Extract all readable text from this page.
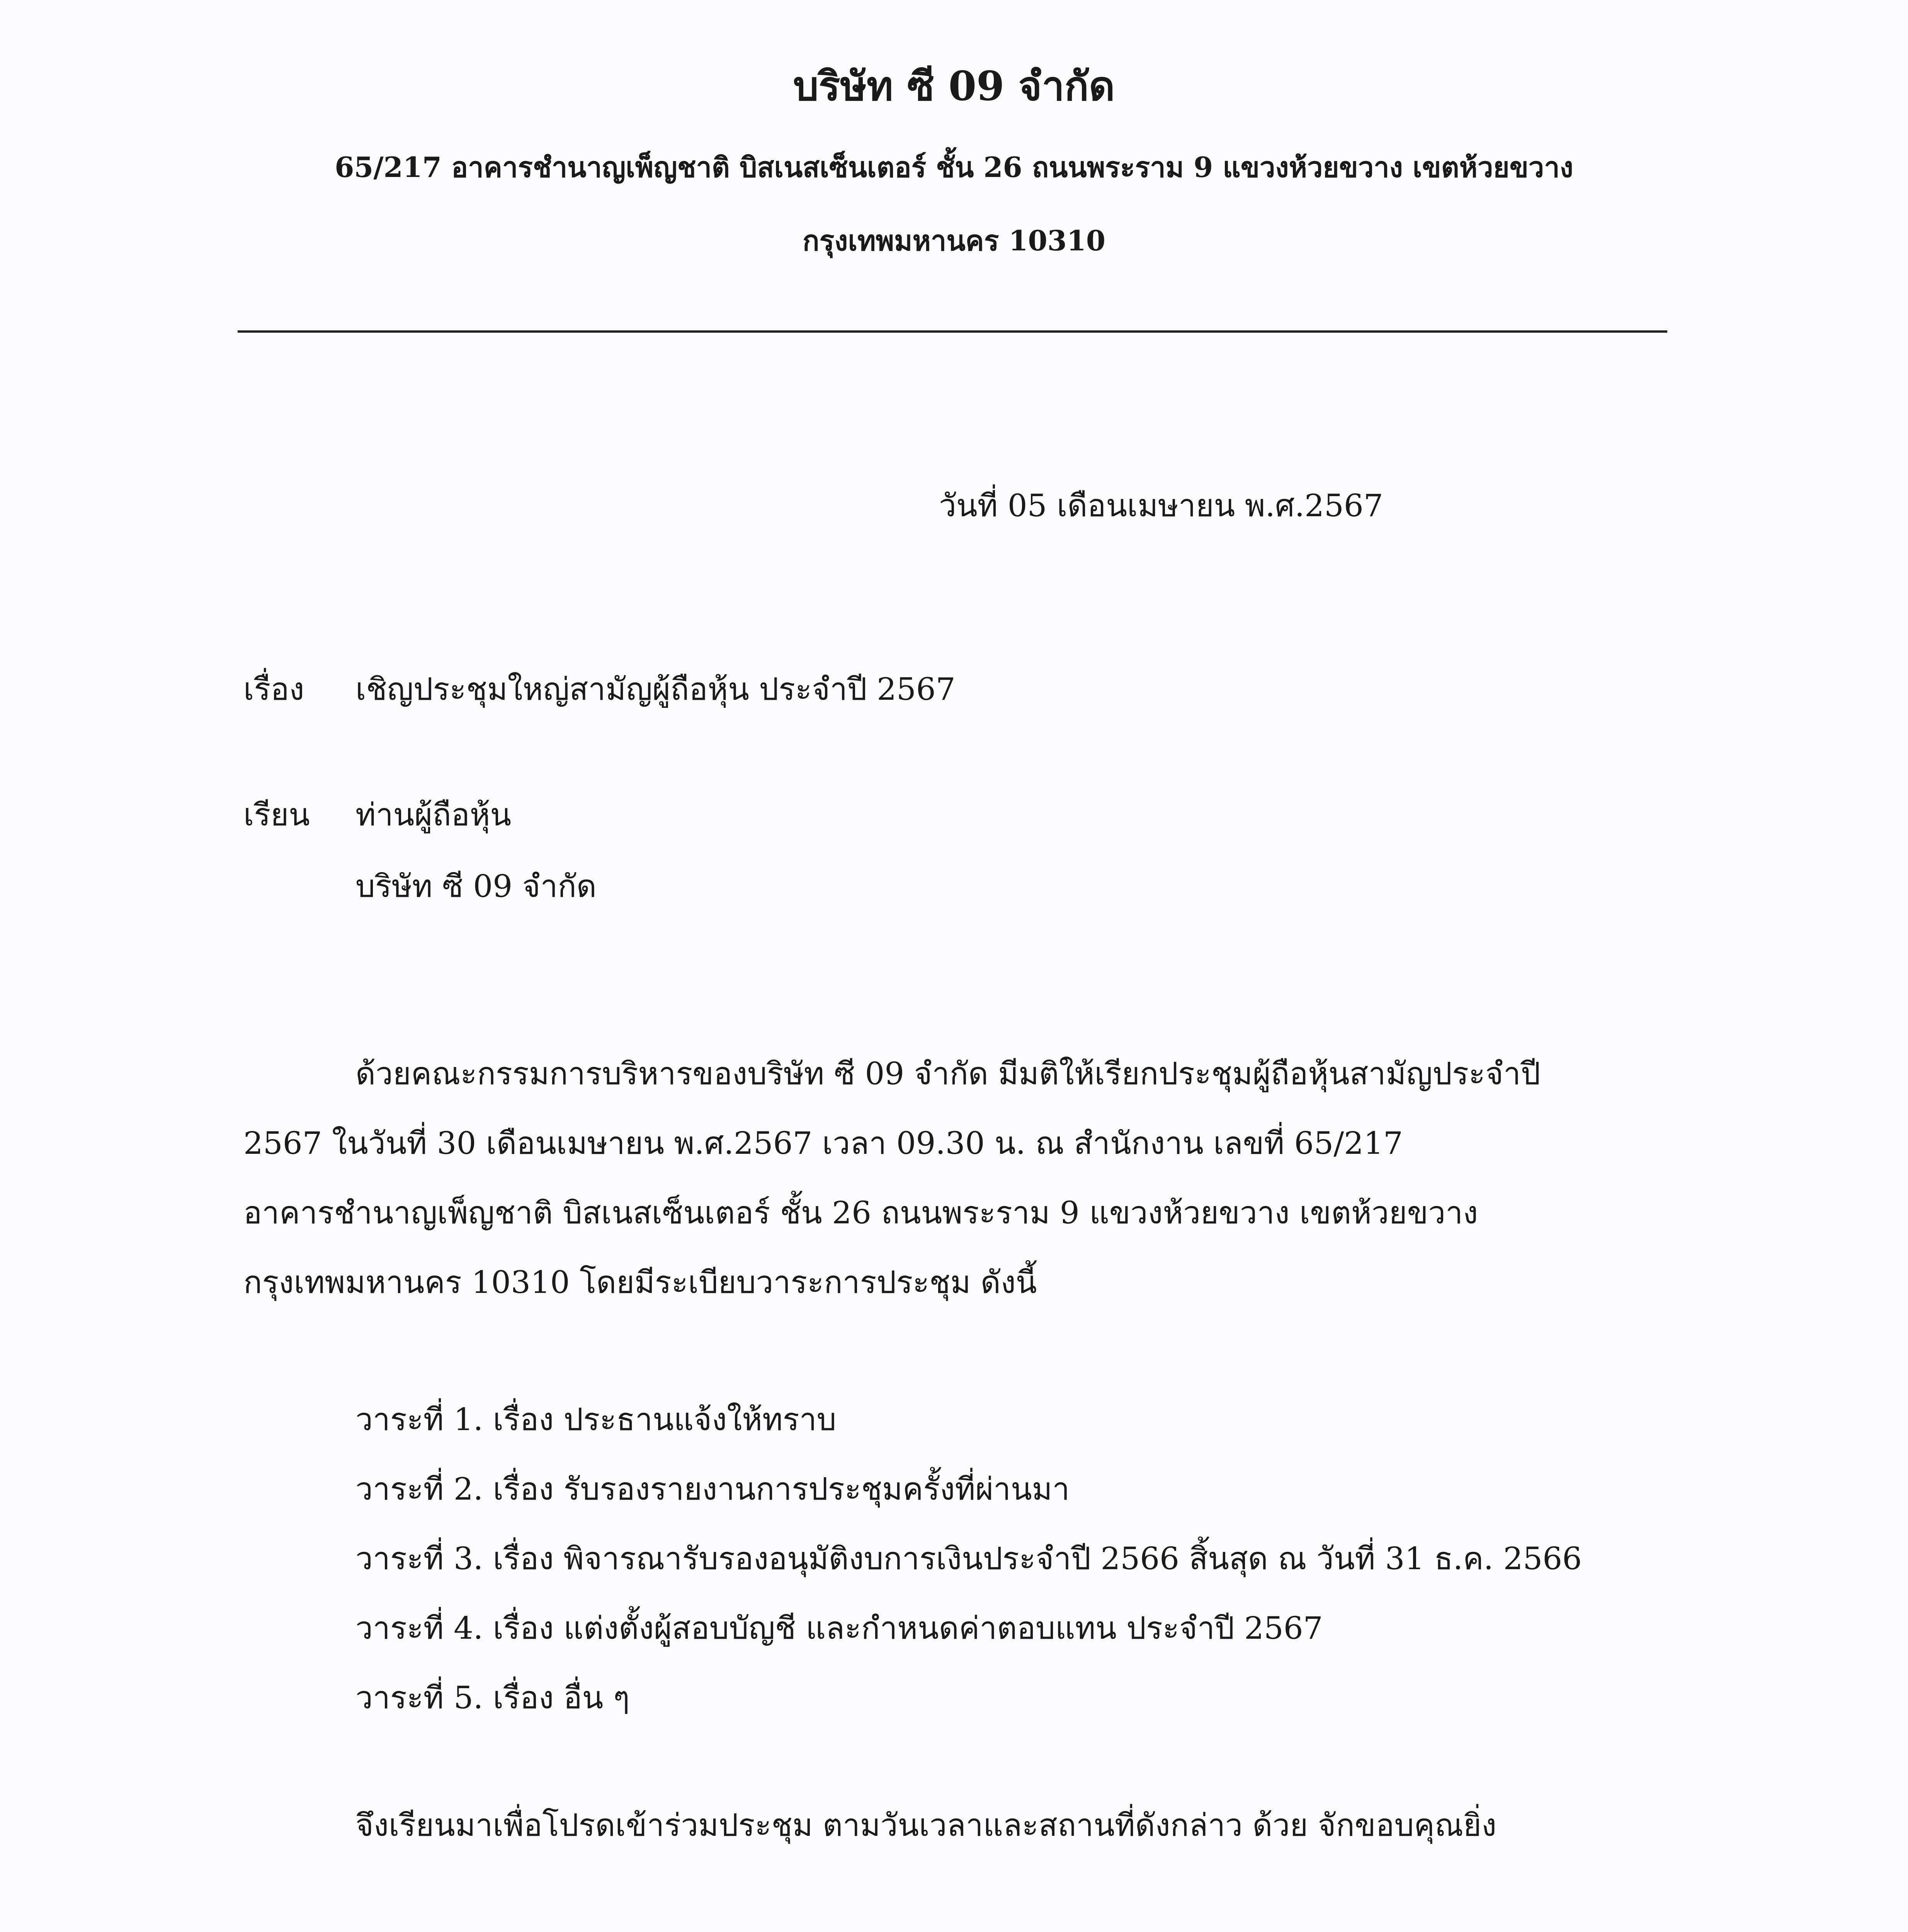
บริษัท ซี 09 จำกัด
65/217 อาคารชำนาญเพ็ญชาติ บิสเนสเซ็นเตอร์ ชั้น 26 ถนนพระราม 9 แขวงห้วยขวาง เขตห้วยขวาง
กรุงเทพมหานคร 10310
วันที่ 05 เดือนเมษายน พ.ศ.2567
เรื่อง เชิญประชุมใหญ่สามัญผู้ถือหุ้น ประจำปี 2567
เรียน ท่านผู้ถือหุ้น
บริษัท ซี 09 จำกัด
ด้วยคณะกรรมการบริหารของบริษัท ซี 09 จำกัด มีมติให้เรียกประชุมผู้ถือหุ้นสามัญประจำปี
2567 ในวันที่ 30 เดือนเมษายน พ.ศ.2567 เวลา 09.30 น. ณ สำนักงาน เลขที่ 65/217
อาคารชำนาญเพ็ญชาติ บิสเนสเซ็นเตอร์ ชั้น 26 ถนนพระราม 9 แขวงห้วยขวาง เขตห้วยขวาง
กรุงเทพมหานคร 10310 โดยมีระเบียบวาระการประชุม ดังนี้
วาระที่ 1. เรื่อง ประธานแจ้งให้ทราบ
วาระที่ 2. เรื่อง รับรองรายงานการประชุมครั้งที่ผ่านมา
วาระที่ 3. เรื่อง พิจารณารับรองอนุมัติงบการเงินประจำปี 2566 สิ้นสุด ณ วันที่ 31 ธ.ค. 2566
วาระที่ 4. เรื่อง แต่งตั้งผู้สอบบัญชี และกำหนดค่าตอบแทน ประจำปี 2567
วาระที่ 5. เรื่อง อื่น ๆ
จึงเรียนมาเพื่อโปรดเข้าร่วมประชุม ตามวันเวลาและสถานที่ดังกล่าว ด้วย จักขอบคุณยิ่ง
